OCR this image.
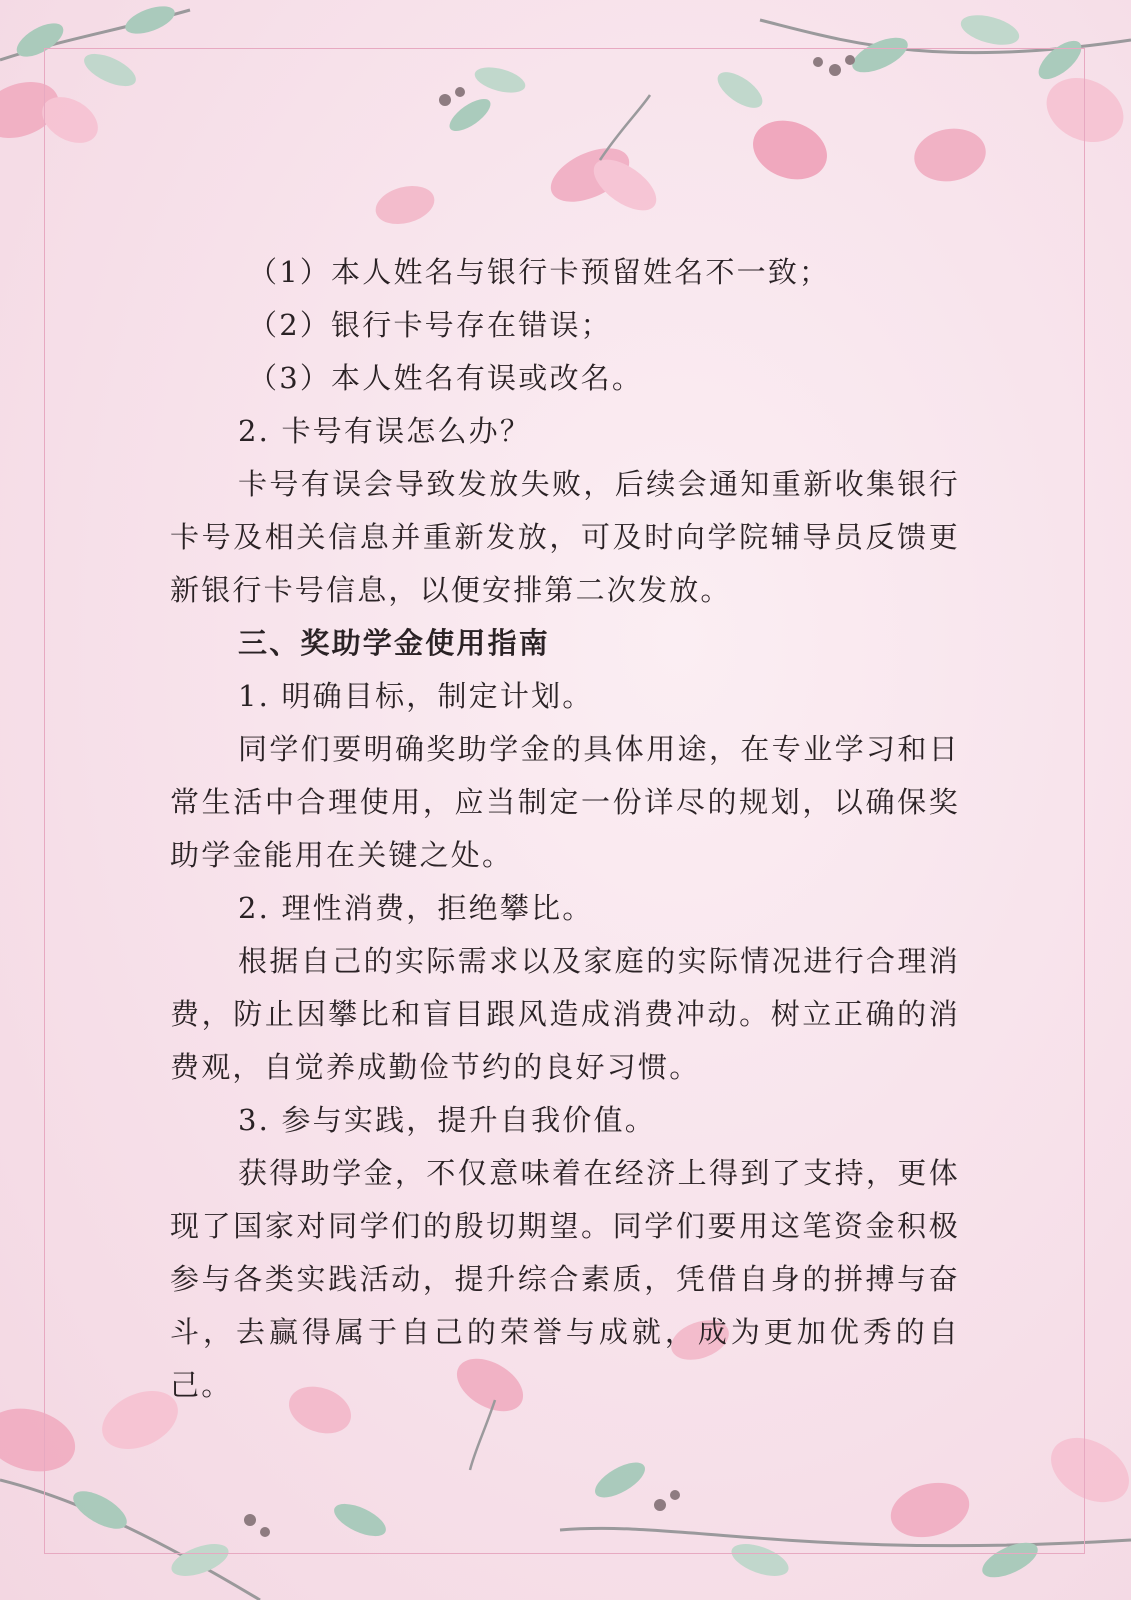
（1）本人姓名与银行卡预留姓名不一致；

（2）银行卡号存在错误；

（3）本人姓名有误或改名。

2. 卡号有误怎么办？

卡号有误会导致发放失败，后续会通知重新收集银行卡号及相关信息并重新发放，可及时向学院辅导员反馈更新银行卡号信息，以便安排第二次发放。

三、奖助学金使用指南

1. 明确目标，制定计划。

同学们要明确奖助学金的具体用途，在专业学习和日常生活中合理使用，应当制定一份详尽的规划，以确保奖助学金能用在关键之处。

2. 理性消费，拒绝攀比。

根据自己的实际需求以及家庭的实际情况进行合理消费，防止因攀比和盲目跟风造成消费冲动。树立正确的消费观，自觉养成勤俭节约的良好习惯。

3. 参与实践，提升自我价值。

获得助学金，不仅意味着在经济上得到了支持，更体现了国家对同学们的殷切期望。同学们要用这笔资金积极参与各类实践活动，提升综合素质，凭借自身的拼搏与奋斗，去赢得属于自己的荣誉与成就，成为更加优秀的自己。
